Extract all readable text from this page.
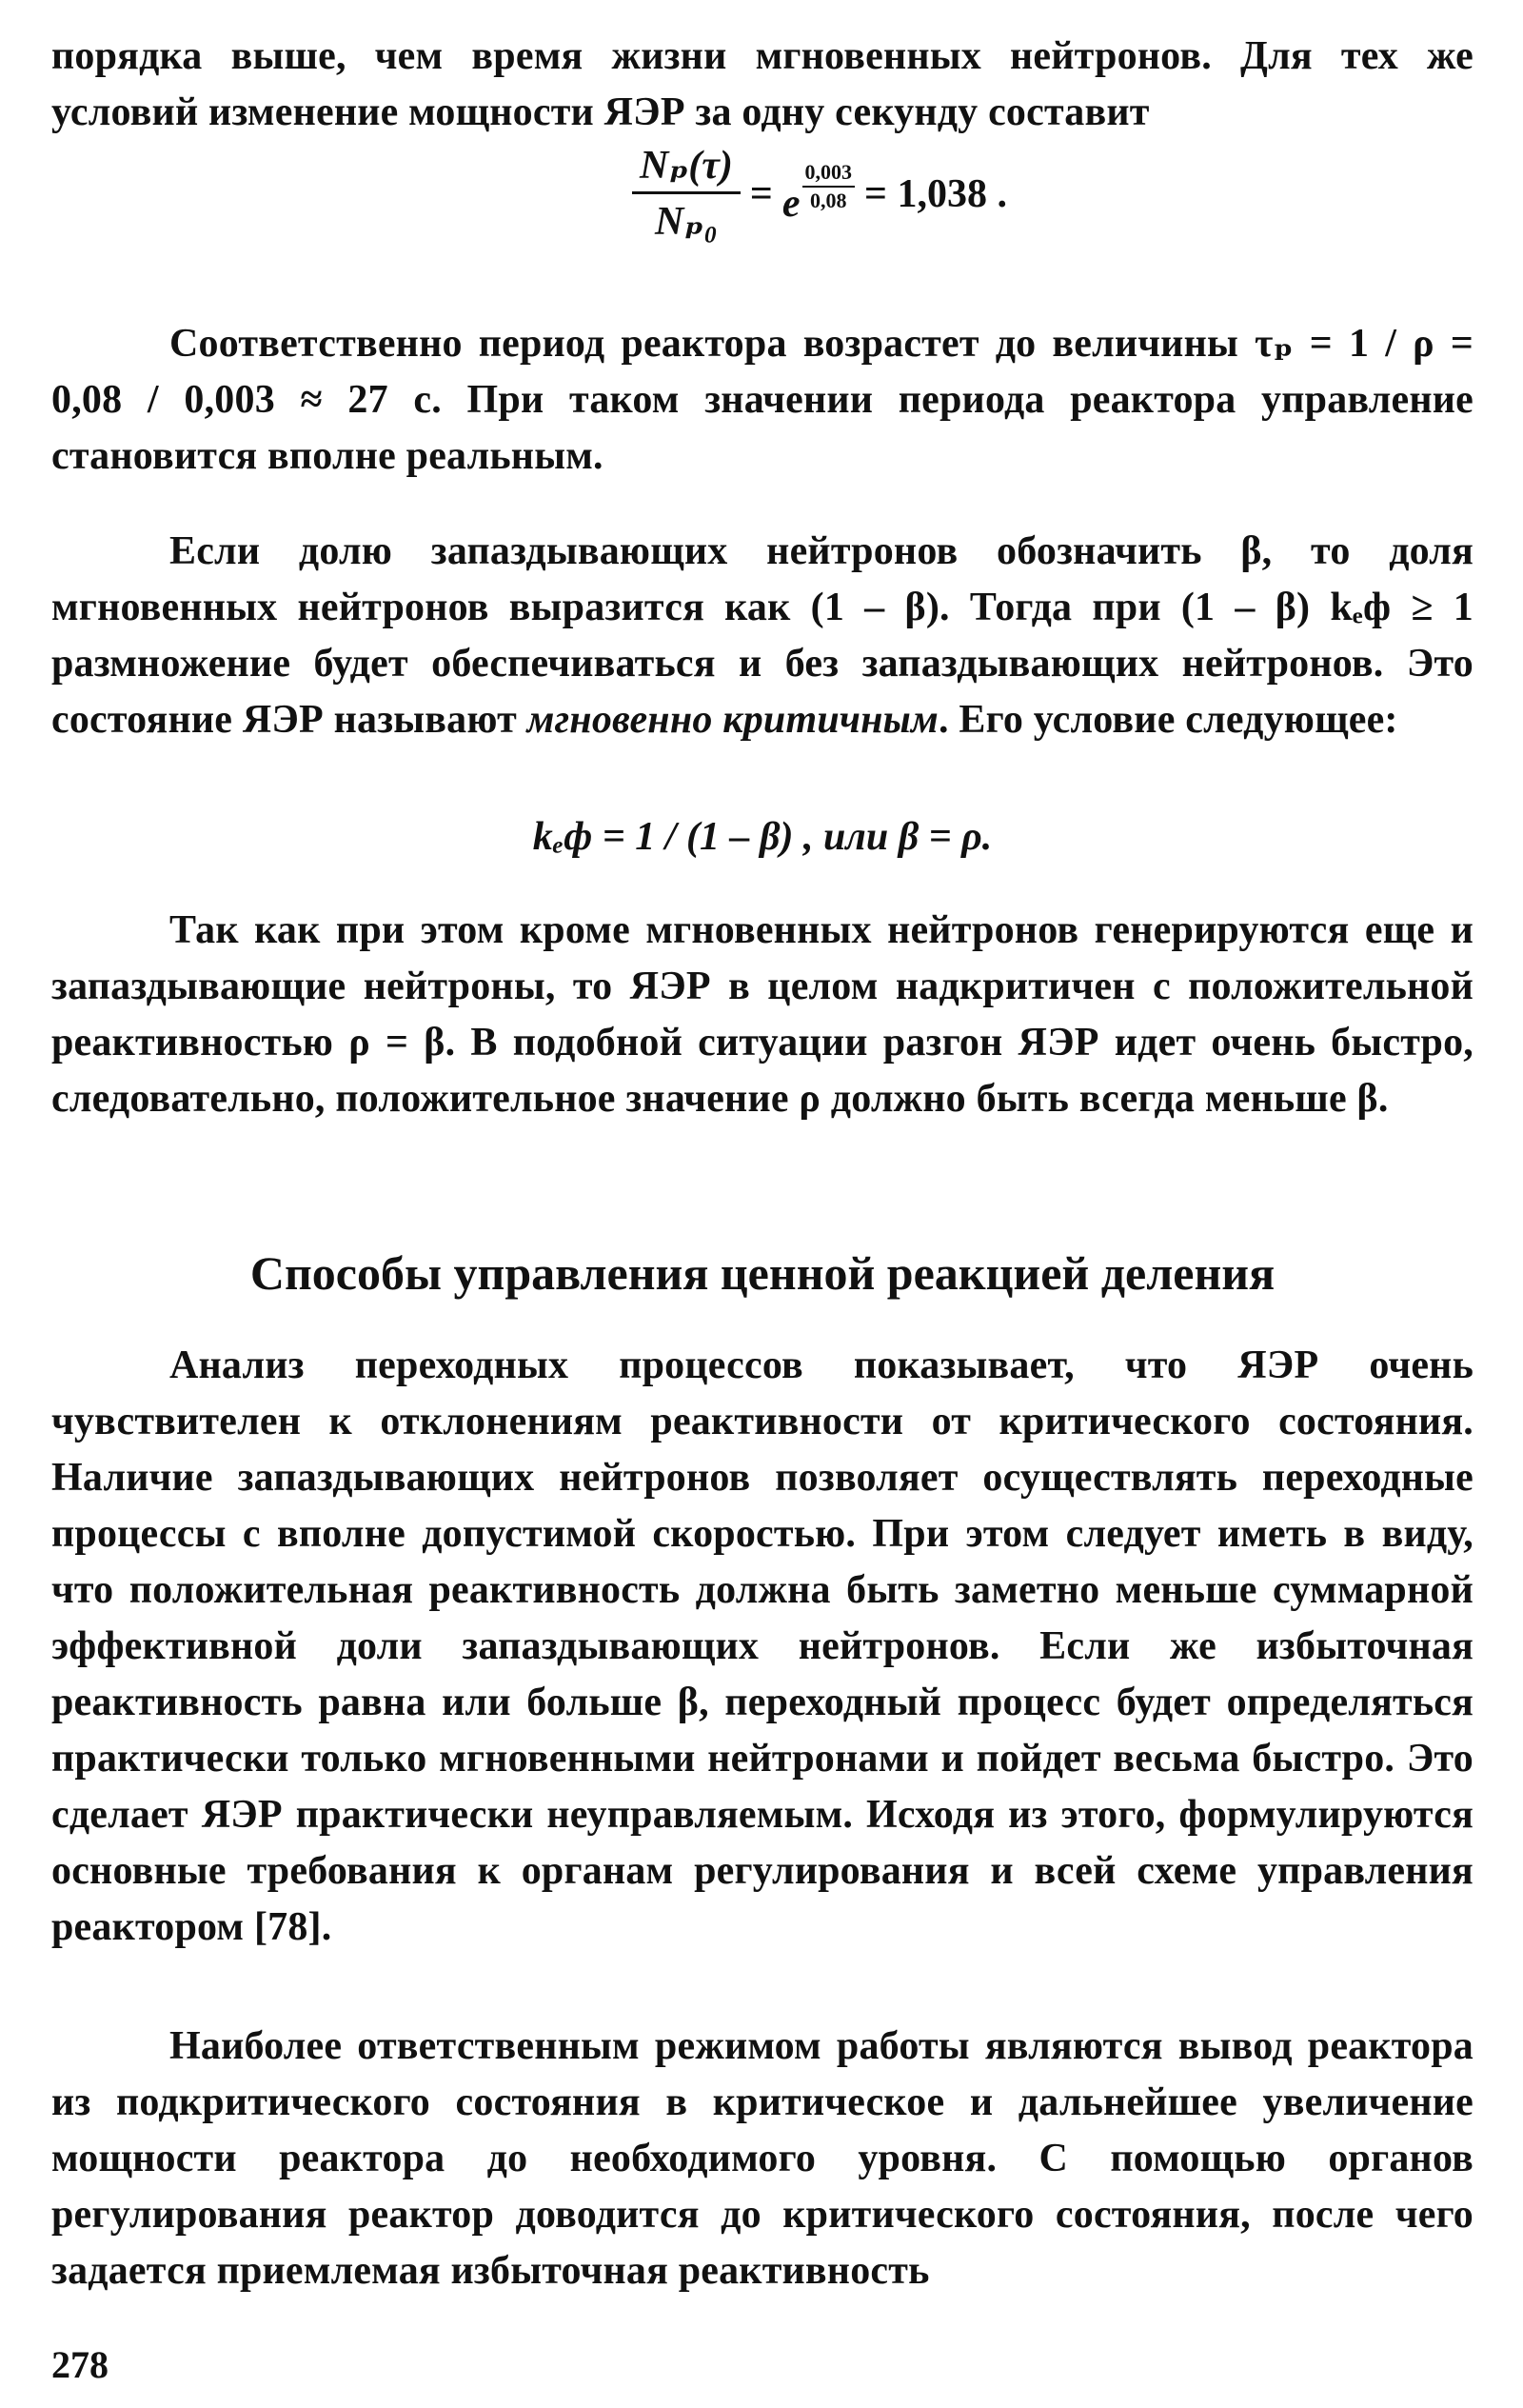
порядка выше, чем время жизни мгновенных нейтронов. Для тех же

условий изменение мощности ЯЭР за одну секунду составит

$\frac{\text{Nₚ(τ)}}{\text{Nₚ₀}} = e \frac{0,003}{0,08} = 1,038$ .

Соответственно период реактора возрастет до величины τₚ = 1 / ρ = 0,08 / 0,003 ≈ 27 с. При таком значении периода реактора управление становится вполне реальным.

Если долю запаздывающих нейтронов обозначить β, то доля мгновенных нейтронов выразится как (1 – β). Тогда при (1 – β) kₑф ≥ 1 размножение будет обеспечиваться и без запаздывающих нейтронов. Это состояние ЯЭР называют мгновенно критичным. Его условие следующее:

kₑф = 1 / (1 – β) , или β = ρ.

Так как при этом кроме мгновенных нейтронов генерируются еще и запаздывающие нейтроны, то ЯЭР в целом надкритичен с положительной реактивностью ρ = β. В подобной ситуации разгон ЯЭР идет очень быстро, следовательно, положительное значение ρ должно быть всегда меньше β.

Способы управления ценной реакцией деления

Анализ переходных процессов показывает, что ЯЭР очень чувствителен к отклонениям реактивности от критического состояния. Наличие запаздывающих нейтронов позволяет осуществлять переходные процессы с вполне допустимой скоростью. При этом следует иметь в виду, что положительная реактивность должна быть заметно меньше суммарной эффективной доли запаздывающих нейтронов. Если же избыточная реактивность равна или больше β, переходный процесс будет определяться практически только мгновенными нейтронами и пойдет весьма быстро. Это сделает ЯЭР практически неуправляемым. Исходя из этого, формулируются основные требования к органам регулирования и всей схеме управления реактором [78].

Наиболее ответственным режимом работы являются вывод реактора из подкритического состояния в критическое и дальнейшее увеличение мощности реактора до необходимого уровня. С помощью органов регулирования реактор доводится до критического состояния, после чего задается приемлемая избыточная реактивность

278
